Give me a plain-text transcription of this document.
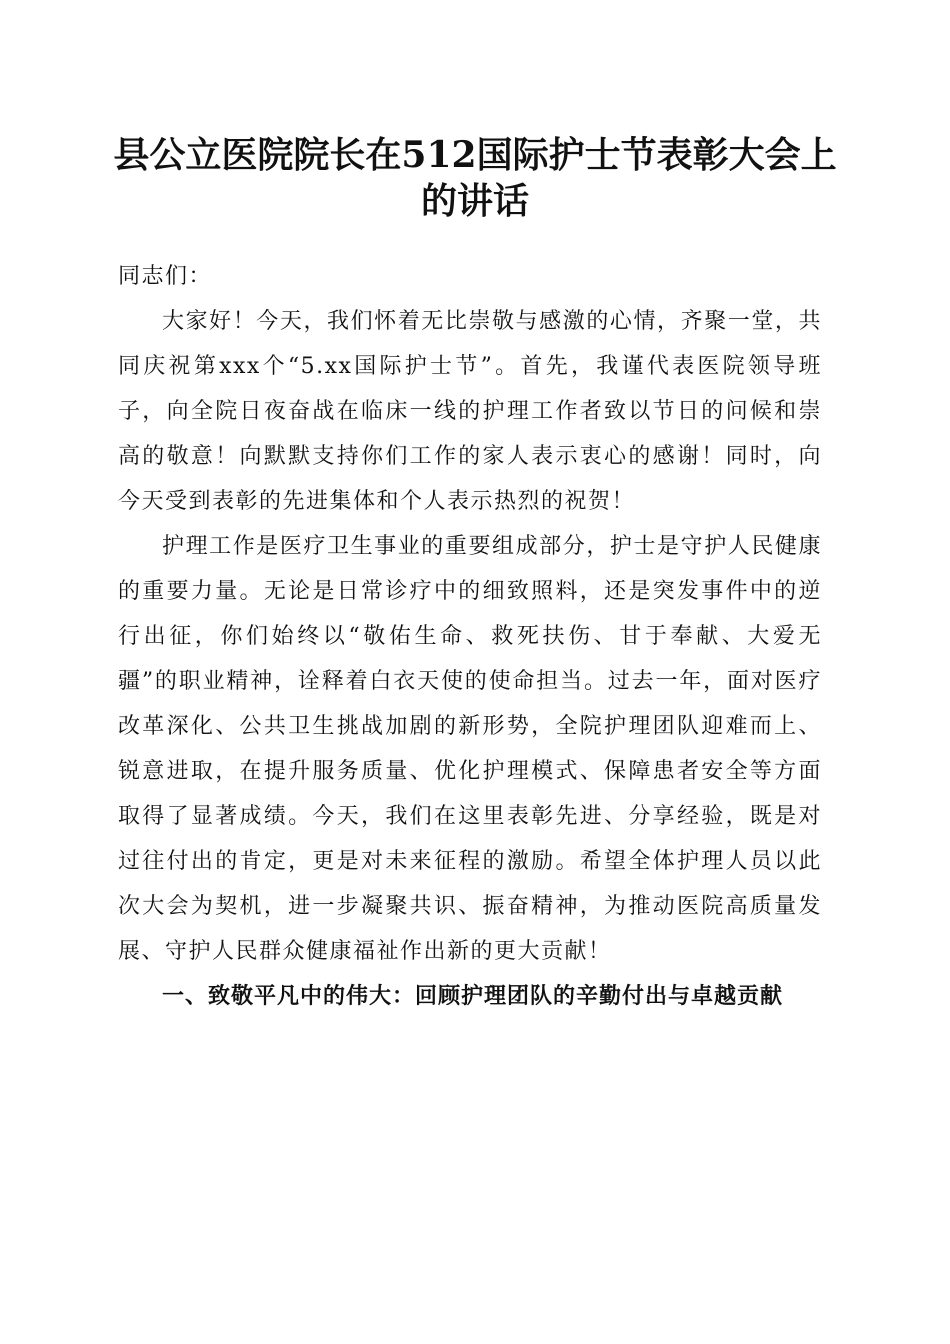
县公立医院院长在512国际护士节表彰大会上的讲话

同志们：

大家好！今天，我们怀着无比崇敬与感激的心情，齐聚一堂，共同庆祝第xxx个“5.xx国际护士节”。首先，我谨代表医院领导班子，向全院日夜奋战在临床一线的护理工作者致以节日的问候和崇高的敬意！向默默支持你们工作的家人表示衷心的感谢！同时，向今天受到表彰的先进集体和个人表示热烈的祝贺！

护理工作是医疗卫生事业的重要组成部分，护士是守护人民健康的重要力量。无论是日常诊疗中的细致照料，还是突发事件中的逆行出征，你们始终以“敬佑生命、救死扶伤、甘于奉献、大爱无疆”的职业精神，诠释着白衣天使的使命担当。过去一年，面对医疗改革深化、公共卫生挑战加剧的新形势，全院护理团队迎难而上、锐意进取，在提升服务质量、优化护理模式、保障患者安全等方面取得了显著成绩。今天，我们在这里表彰先进、分享经验，既是对过往付出的肯定，更是对未来征程的激励。希望全体护理人员以此次大会为契机，进一步凝聚共识、振奋精神，为推动医院高质量发展、守护人民群众健康福祉作出新的更大贡献！

一、致敬平凡中的伟大：回顾护理团队的辛勤付出与卓越贡献
